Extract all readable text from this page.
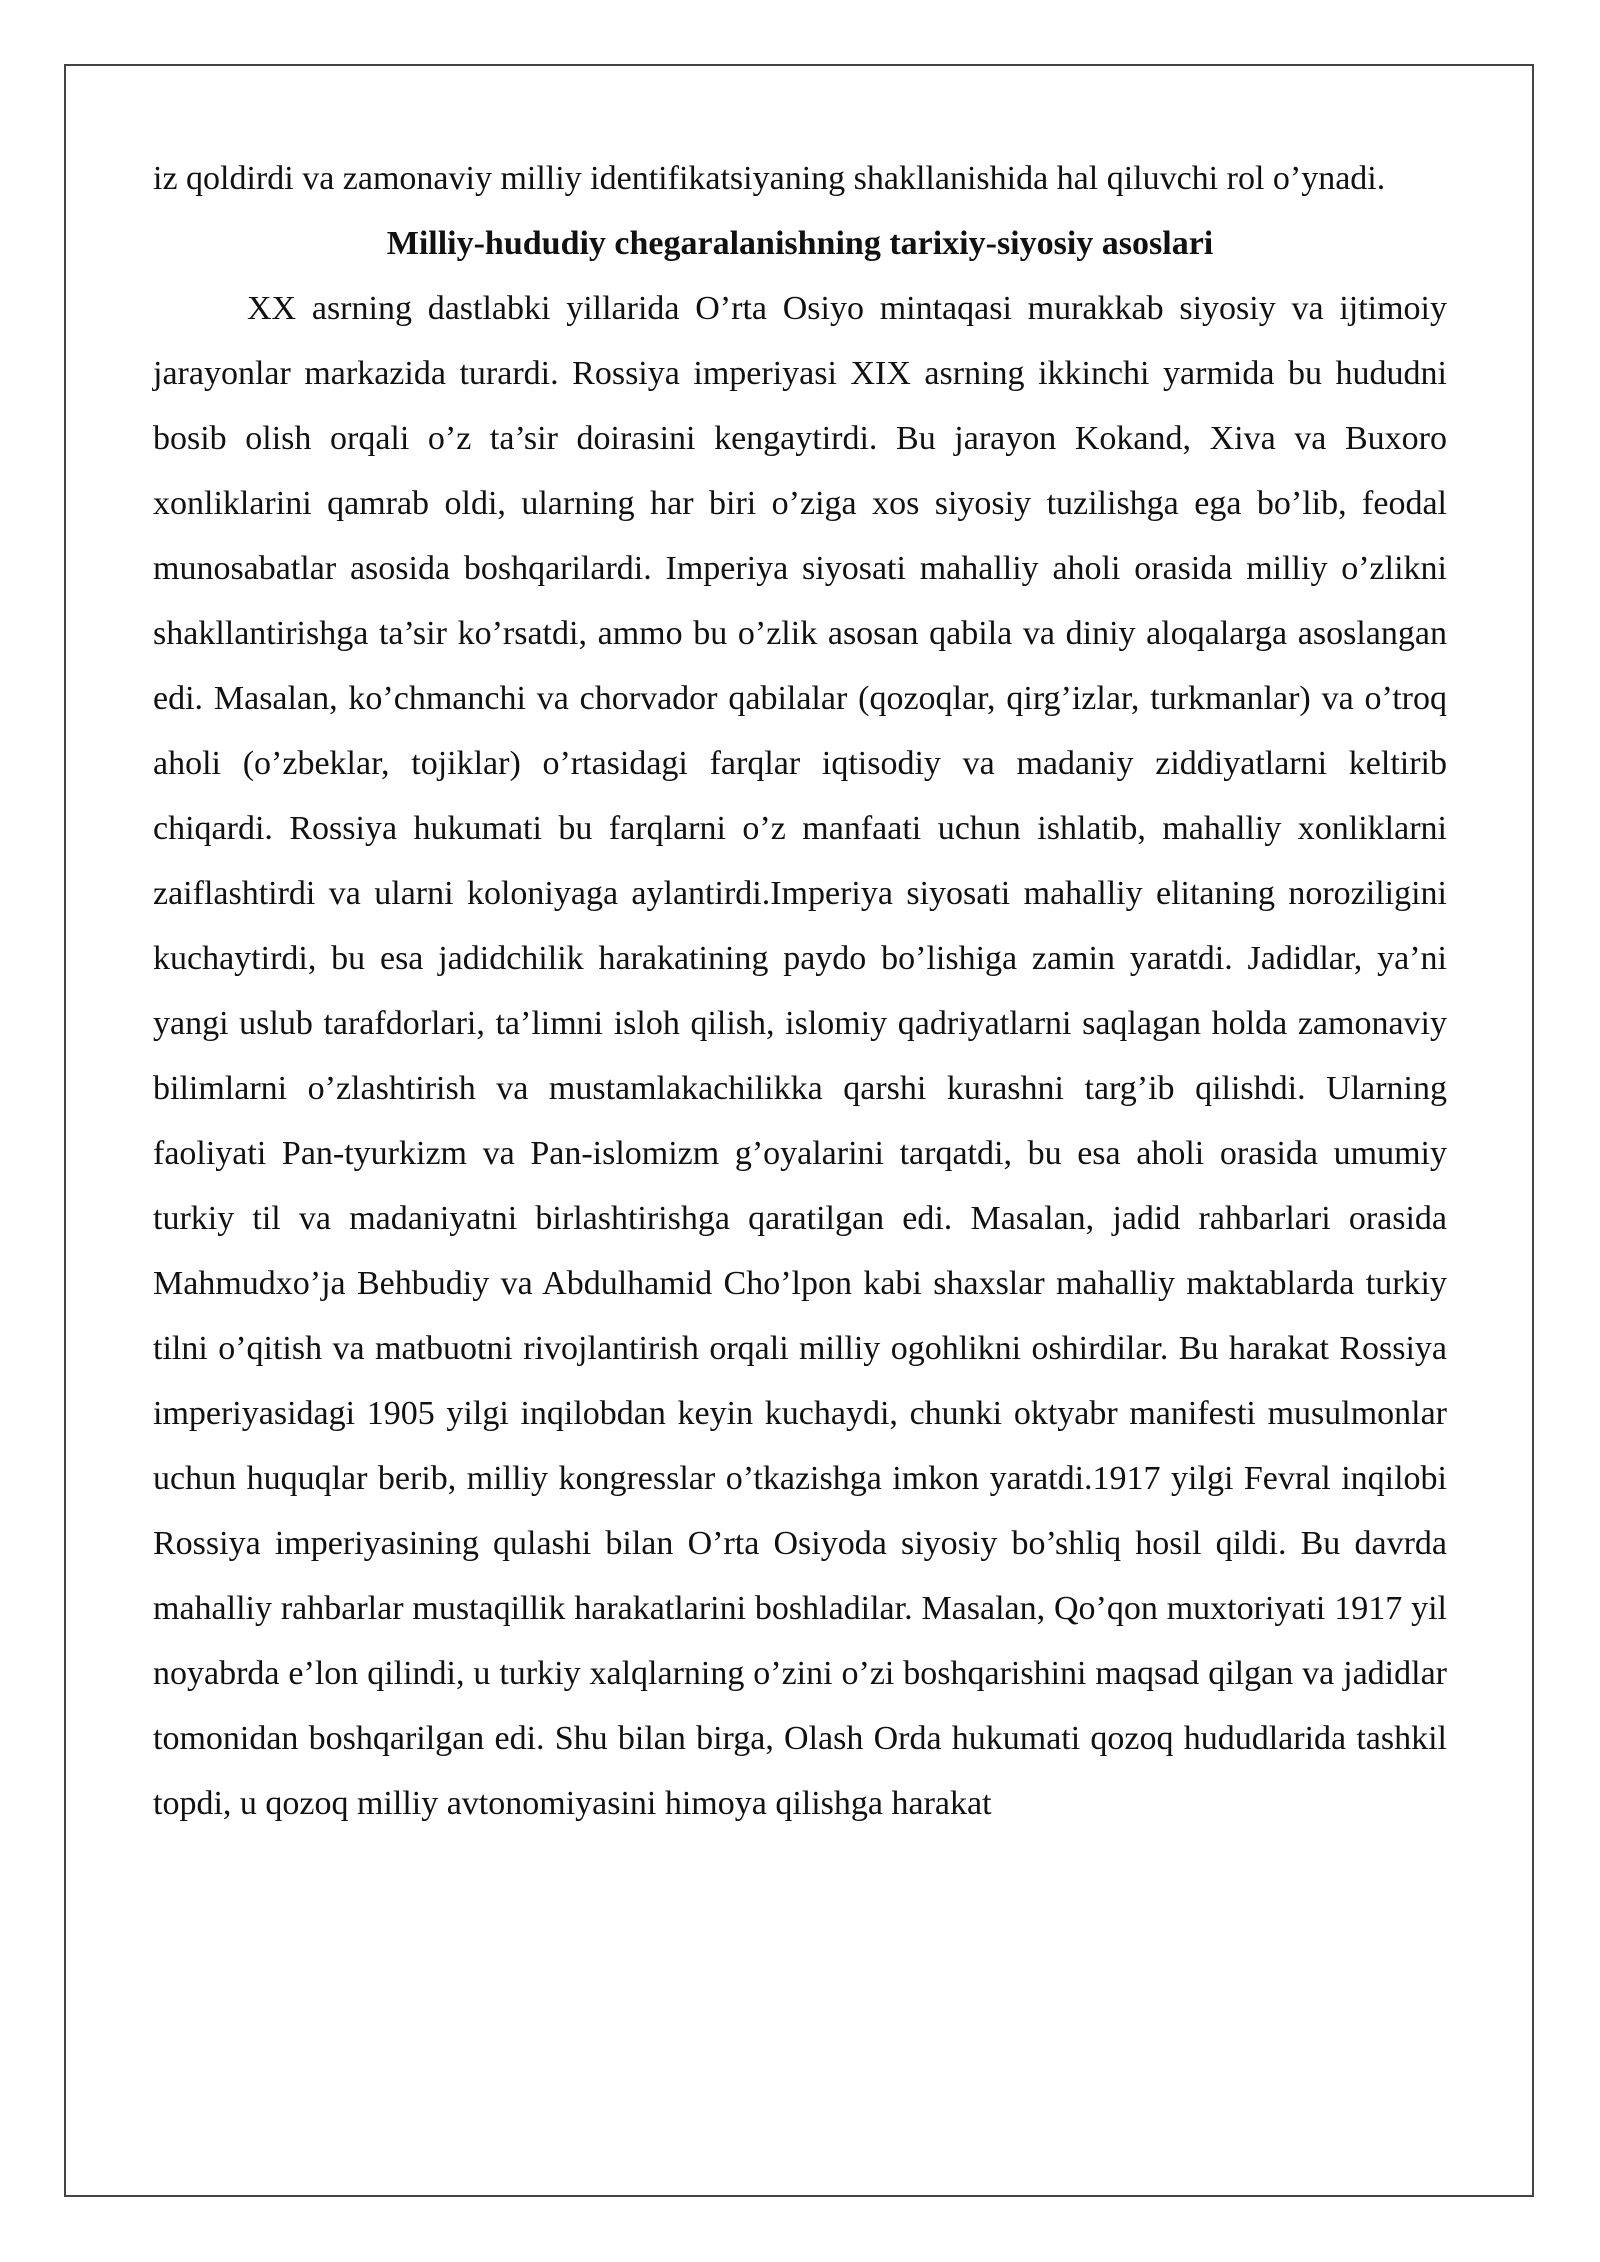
iz qoldirdi va zamonaviy milliy identifikatsiyaning shakllanishida hal qiluvchi rol o’ynadi.

Milliy-hududiy chegaralanishning tarixiy-siyosiy asoslari

XX asrning dastlabki yillarida O’rta Osiyo mintaqasi murakkab siyosiy va ijtimoiy jarayonlar markazida turardi. Rossiya imperiyasi XIX asrning ikkinchi yarmida bu hududni bosib olish orqali o’z ta’sir doirasini kengaytirdi. Bu jarayon Kokand, Xiva va Buxoro xonliklarini qamrab oldi, ularning har biri o’ziga xos siyosiy tuzilishga ega bo’lib, feodal munosabatlar asosida boshqarilardi. Imperiya siyosati mahalliy aholi orasida milliy o’zlikni shakllantirishga ta’sir ko’rsatdi, ammo bu o’zlik asosan qabila va diniy aloqalarga asoslangan edi. Masalan, ko’chmanchi va chorvador qabilalar (qozoqlar, qirg’izlar, turkmanlar) va o’troq aholi (o’zbeklar, tojiklar) o’rtasidagi farqlar iqtisodiy va madaniy ziddiyatlarni keltirib chiqardi. Rossiya hukumati bu farqlarni o’z manfaati uchun ishlatib, mahalliy xonliklarni zaiflashtirdi va ularni koloniyaga aylantirdi.Imperiya siyosati mahalliy elitaning noroziligini kuchaytirdi, bu esa jadidchilik harakatining paydo bo’lishiga zamin yaratdi. Jadidlar, ya’ni yangi uslub tarafdorlari, ta’limni isloh qilish, islomiy qadriyatlarni saqlagan holda zamonaviy bilimlarni o’zlashtirish va mustamlakachilikka qarshi kurashni targ’ib qilishdi. Ularning faoliyati Pan-tyurkizm va Pan-islomizm g’oyalarini tarqatdi, bu esa aholi orasida umumiy turkiy til va madaniyatni birlashtirishga qaratilgan edi. Masalan, jadid rahbarlari orasida Mahmudxo’ja Behbudiy va Abdulhamid Cho’lpon kabi shaxslar mahalliy maktablarda turkiy tilni o’qitish va matbuotni rivojlantirish orqali milliy ogohlikni oshirdilar. Bu harakat Rossiya imperiyasidagi 1905 yilgi inqilobdan keyin kuchaydi, chunki oktyabr manifesti musulmonlar uchun huquqlar berib, milliy kongresslar o’tkazishga imkon yaratdi.1917 yilgi Fevral inqilobi Rossiya imperiyasining qulashi bilan O’rta Osiyoda siyosiy bo’shliq hosil qildi. Bu davrda mahalliy rahbarlar mustaqillik harakatlarini boshladilar. Masalan, Qo’qon muxtoriyati 1917 yil noyabrda e’lon qilindi, u turkiy xalqlarning o’zini o’zi boshqarishini maqsad qilgan va jadidlar tomonidan boshqarilgan edi. Shu bilan birga, Olash Orda hukumati qozoq hududlarida tashkil topdi, u qozoq milliy avtonomiyasini himoya qilishga harakat
